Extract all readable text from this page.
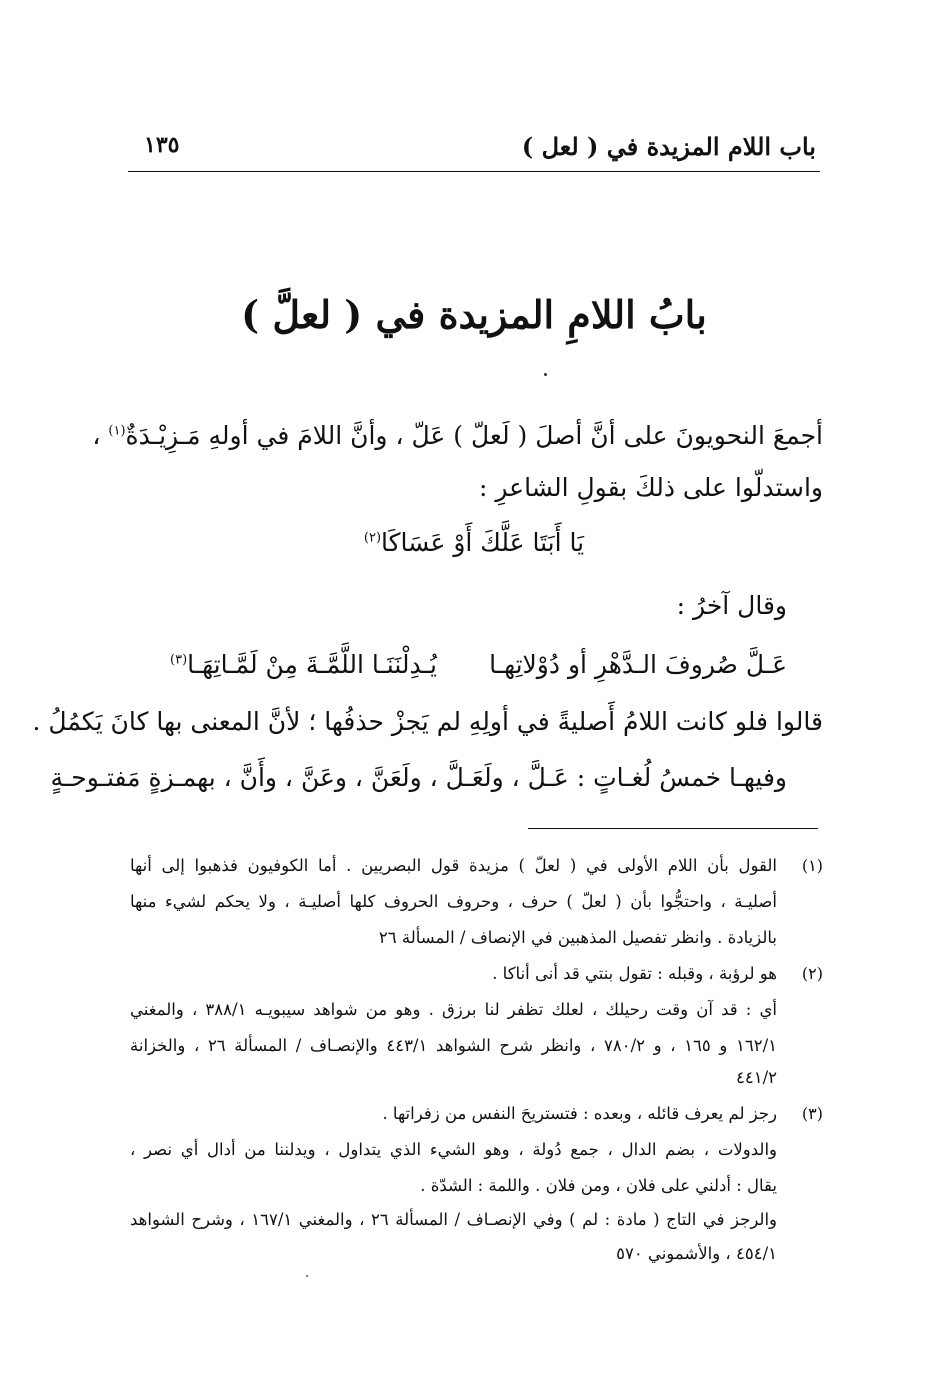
باب اللام المزيدة في ( لعل )
١٣٥
بابُ اللامِ المزيدة في ( لعلَّ )
أجمعَ النحويونَ على أنَّ أصلَ ( لَعلّ ) عَلّ ، وأنَّ اللامَ في أولهِ مَـزِيْـدَةٌ$^{(١)}$ ،
واستدلّوا على ذلكَ بقولِ الشاعرِ :
يَا أَبَتَا عَلَّكَ أَوْ عَسَاكَا$^{(٢)}$
وقال آخرُ :
عَـلَّ صُروفَ الـدَّهْرِ أو دُوْلاتِهـا
يُـدِلْنَنَـا اللَّمَّـةَ مِنْ لَمَّـاتِهَـا$^{(٣)}$
قالوا فلو كانت اللامُ أَصليةً في أولِهِ لم يَجزْ حذفُها ؛ لأنَّ المعنى بها كانَ يَكمُلُ .
وفيهـا خمسُ لُغـاتٍ : عَـلَّ ، ولَعَـلَّ ، ولَعَنَّ ، وعَنَّ ، وأَنَّ ، بهمـزةٍ مَفتـوحـةٍ
(١)
القول بأن اللام الأولى في ( لعلّ ) مزيدة قول البصريين . أما الكوفيون فذهبوا إلى أنها
أصليـة ، واحتجُّوا بأن ( لعلّ ) حرف ، وحروف الحروف كلها أصليـة ، ولا يحكم لشيء منها
بالزيادة . وانظر تفصيل المذهبين في الإنصاف / المسألة ٢٦
(٢)
هو لرؤبة ، وقبله : تقول بنتي قد أنى أناكا .
أي : قد آن وقت رحيلك ، لعلك تظفر لنا برزق . وهو من شواهد سيبويـه ٣٨٨/١ ، والمغني
١٦٢/١ و ١٦٥ ، و ٧٨٠/٢ ، وانظر شرح الشواهد ٤٤٣/١ والإنصـاف / المسألة ٢٦ ، والخزانة
٤٤١/٢
(٣)
رجز لم يعرف قائله ، وبعده : فتستريحَ النفس من زفراتها .
والدولات ، بضم الدال ، جمع دُولة ، وهو الشيء الذي يتداول ، ويدلننا من أدال أي نصر ،
يقال : أدلني على فلان ، ومن فلان . واللمة : الشدّة .
والرجز في التاج ( مادة : لم ) وفي الإنصـاف / المسألة ٢٦ ، والمغني ١٦٧/١ ، وشرح الشواهد
٤٥٤/١ ، والأشموني ٥٧٠
